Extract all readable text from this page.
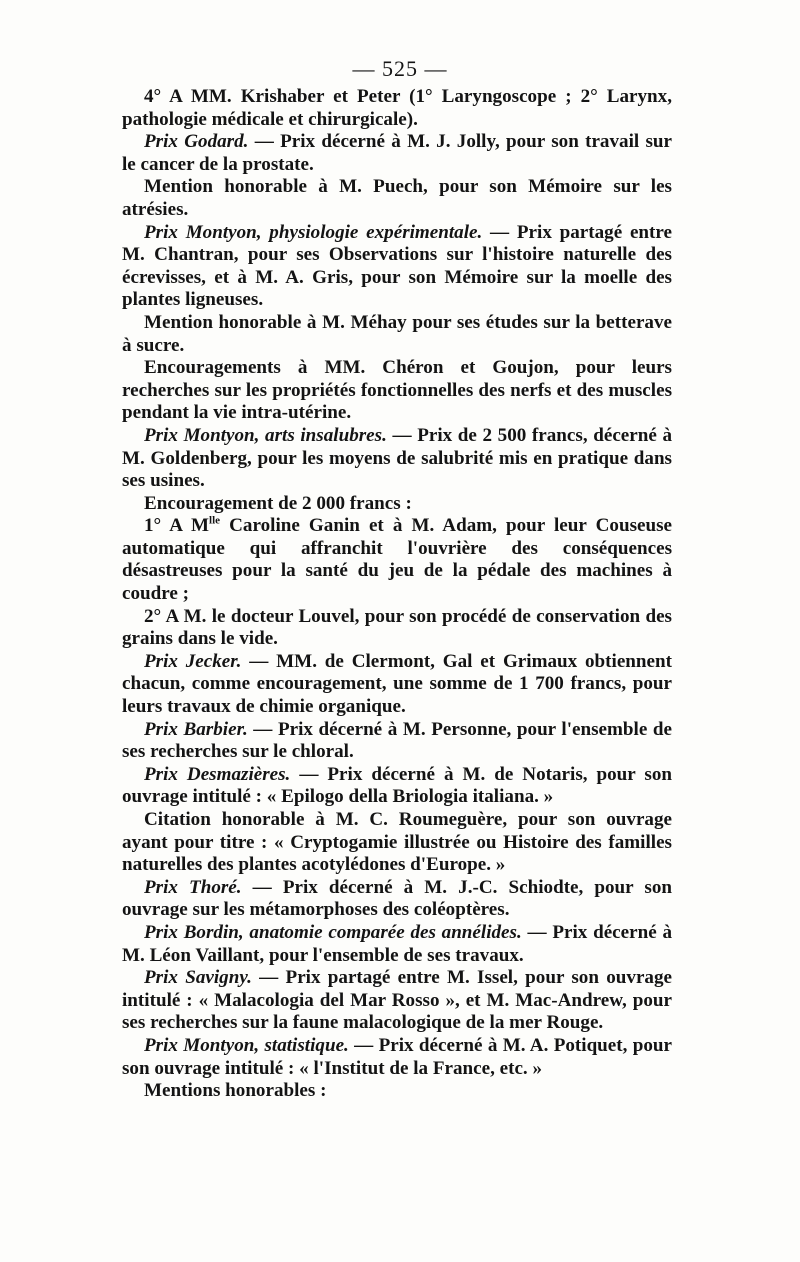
— 525 —

4° A MM. Krishaber et Peter (1° Laryngoscope ; 2° Larynx, pathologie médicale et chirurgicale).

Prix Godard. — Prix décerné à M. J. Jolly, pour son travail sur le cancer de la prostate.

Mention honorable à M. Puech, pour son Mémoire sur les atrésies.

Prix Montyon, physiologie expérimentale. — Prix partagé entre M. Chantran, pour ses Observations sur l'histoire naturelle des écrevisses, et à M. A. Gris, pour son Mémoire sur la moelle des plantes ligneuses.

Mention honorable à M. Méhay pour ses études sur la betterave à sucre.

Encouragements à MM. Chéron et Goujon, pour leurs recherches sur les propriétés fonctionnelles des nerfs et des muscles pendant la vie intra-utérine.

Prix Montyon, arts insalubres. — Prix de 2 500 francs, décerné à M. Goldenberg, pour les moyens de salubrité mis en pratique dans ses usines.

Encouragement de 2 000 francs :

1° A $M^{lle}$ Caroline Ganin et à M. Adam, pour leur Couseuse automatique qui affranchit l'ouvrière des conséquences désastreuses pour la santé du jeu de la pédale des machines à coudre ;

2° A M. le docteur Louvel, pour son procédé de conservation des grains dans le vide.

Prix Jecker. — MM. de Clermont, Gal et Grimaux obtiennent chacun, comme encouragement, une somme de 1 700 francs, pour leurs travaux de chimie organique.

Prix Barbier. — Prix décerné à M. Personne, pour l'ensemble de ses recherches sur le chloral.

Prix Desmazières. — Prix décerné à M. de Notaris, pour son ouvrage intitulé : « Epilogo della Briologia italiana. »

Citation honorable à M. C. Roumeguère, pour son ouvrage ayant pour titre : « Cryptogamie illustrée ou Histoire des familles naturelles des plantes acotylédones d'Europe. »

Prix Thoré. — Prix décerné à M. J.-C. Schiodte, pour son ouvrage sur les métamorphoses des coléoptères.

Prix Bordin, anatomie comparée des annélides. — Prix décerné à M. Léon Vaillant, pour l'ensemble de ses travaux.

Prix Savigny. — Prix partagé entre M. Issel, pour son ouvrage intitulé : « Malacologia del Mar Rosso », et M. Mac-Andrew, pour ses recherches sur la faune malacologique de la mer Rouge.

Prix Montyon, statistique. — Prix décerné à M. A. Potiquet, pour son ouvrage intitulé : « l'Institut de la France, etc. »

Mentions honorables :
